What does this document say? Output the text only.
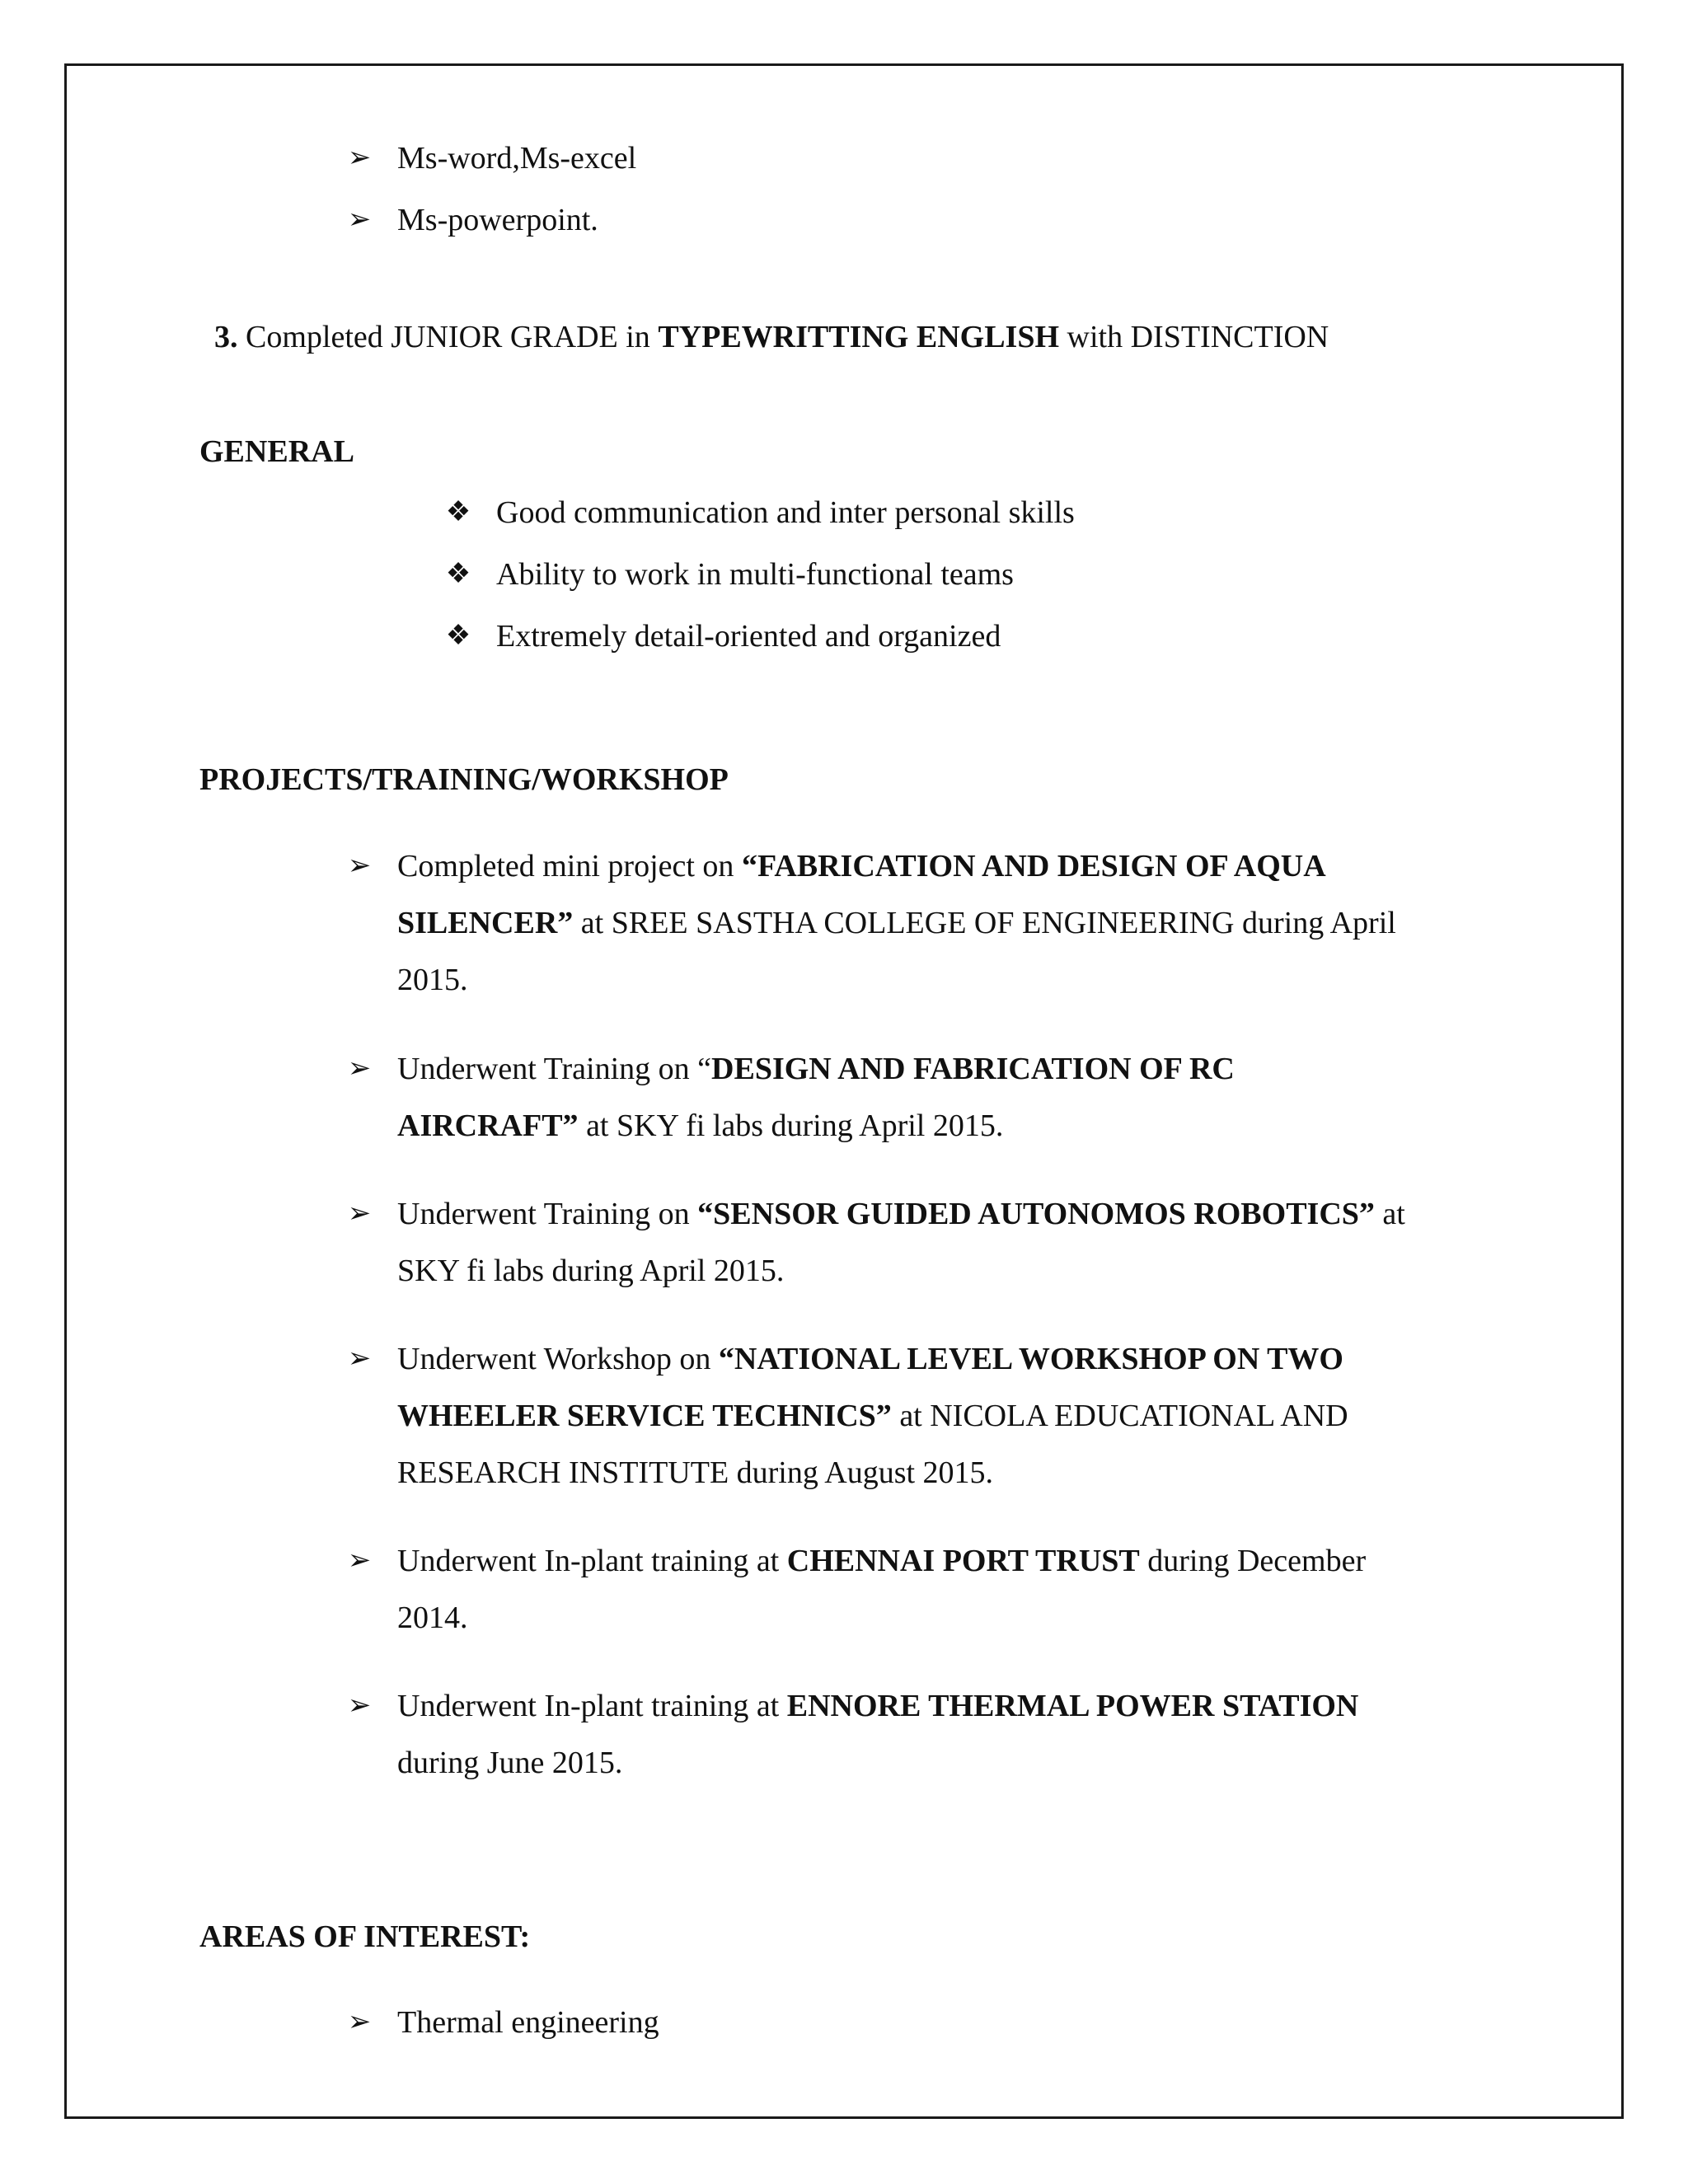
➢ Ms-word,Ms-excel

➢ Ms-powerpoint.

3. Completed JUNIOR GRADE in TYPEWRITTING ENGLISH with DISTINCTION

GENERAL

❖ Good communication and inter personal skills

❖ Ability to work in multi-functional teams

❖ Extremely detail-oriented and organized

PROJECTS/TRAINING/WORKSHOP

➢ Completed mini project on “FABRICATION AND DESIGN OF AQUA

SILENCER” at SREE SASTHA COLLEGE OF ENGINEERING during April

2015.

➢ Underwent Training on “DESIGN AND FABRICATION OF RC

AIRCRAFT” at SKY fi labs during April 2015.

➢ Underwent Training on “SENSOR GUIDED AUTONOMOS ROBOTICS” at

SKY fi labs during April 2015.

➢ Underwent Workshop on “NATIONAL LEVEL WORKSHOP ON TWO

WHEELER SERVICE TECHNICS” at NICOLA EDUCATIONAL AND

RESEARCH INSTITUTE during August 2015.

➢ Underwent In-plant training at CHENNAI PORT TRUST during December

2014.

➢ Underwent In-plant training at ENNORE THERMAL POWER STATION

during June 2015.

AREAS OF INTEREST:

➢ Thermal engineering
